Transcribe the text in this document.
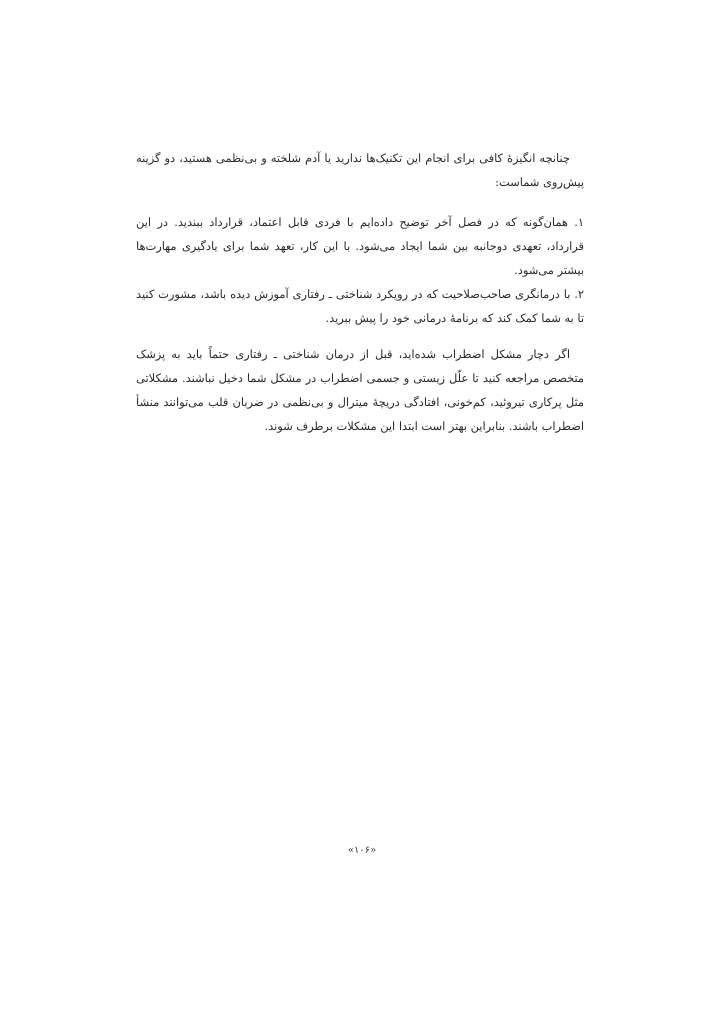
چنانچه انگیزهٔ کافی برای انجام این تکنیک‌ها ندارید یا آدم شلخته و بی‌نظمی هستید، دو گزینه پیش‌روی شماست:

۱. همان‌گونه که در فصل آخر توضیح داده‌ایم با فردی قابل اعتماد، قرارداد ببندید. در این قرارداد، تعهدی دوجانبه بین شما ایجاد می‌شود. با این کار، تعهد شما برای یادگیری مهارت‌ها بیشتر می‌شود.
۲. با درمانگری صاحب‌صلاحیت که در رویکرد شناختی ـ رفتاری آموزش دیده باشد، مشورت کنید تا به شما کمک کند که برنامهٔ درمانی خود را پیش ببرید.

اگر دچار مشکل اضطراب شده‌اید، قبل از درمان شناختی ـ رفتاری حتماً باید به پزشک متخصص مراجعه کنید تا علّل زیستی و جسمی اضطراب در مشکل شما دخیل نباشند. مشکلاتی مثل پرکاری تیروئید، کم‌خونی، افتادگی دریچهٔ میترال و بی‌نظمی در ضربان قلب می‌توانند منشأ اضطراب باشند. بنابراین بهتر است ابتدا این مشکلات برطرف شوند.

«۱۰۶»
